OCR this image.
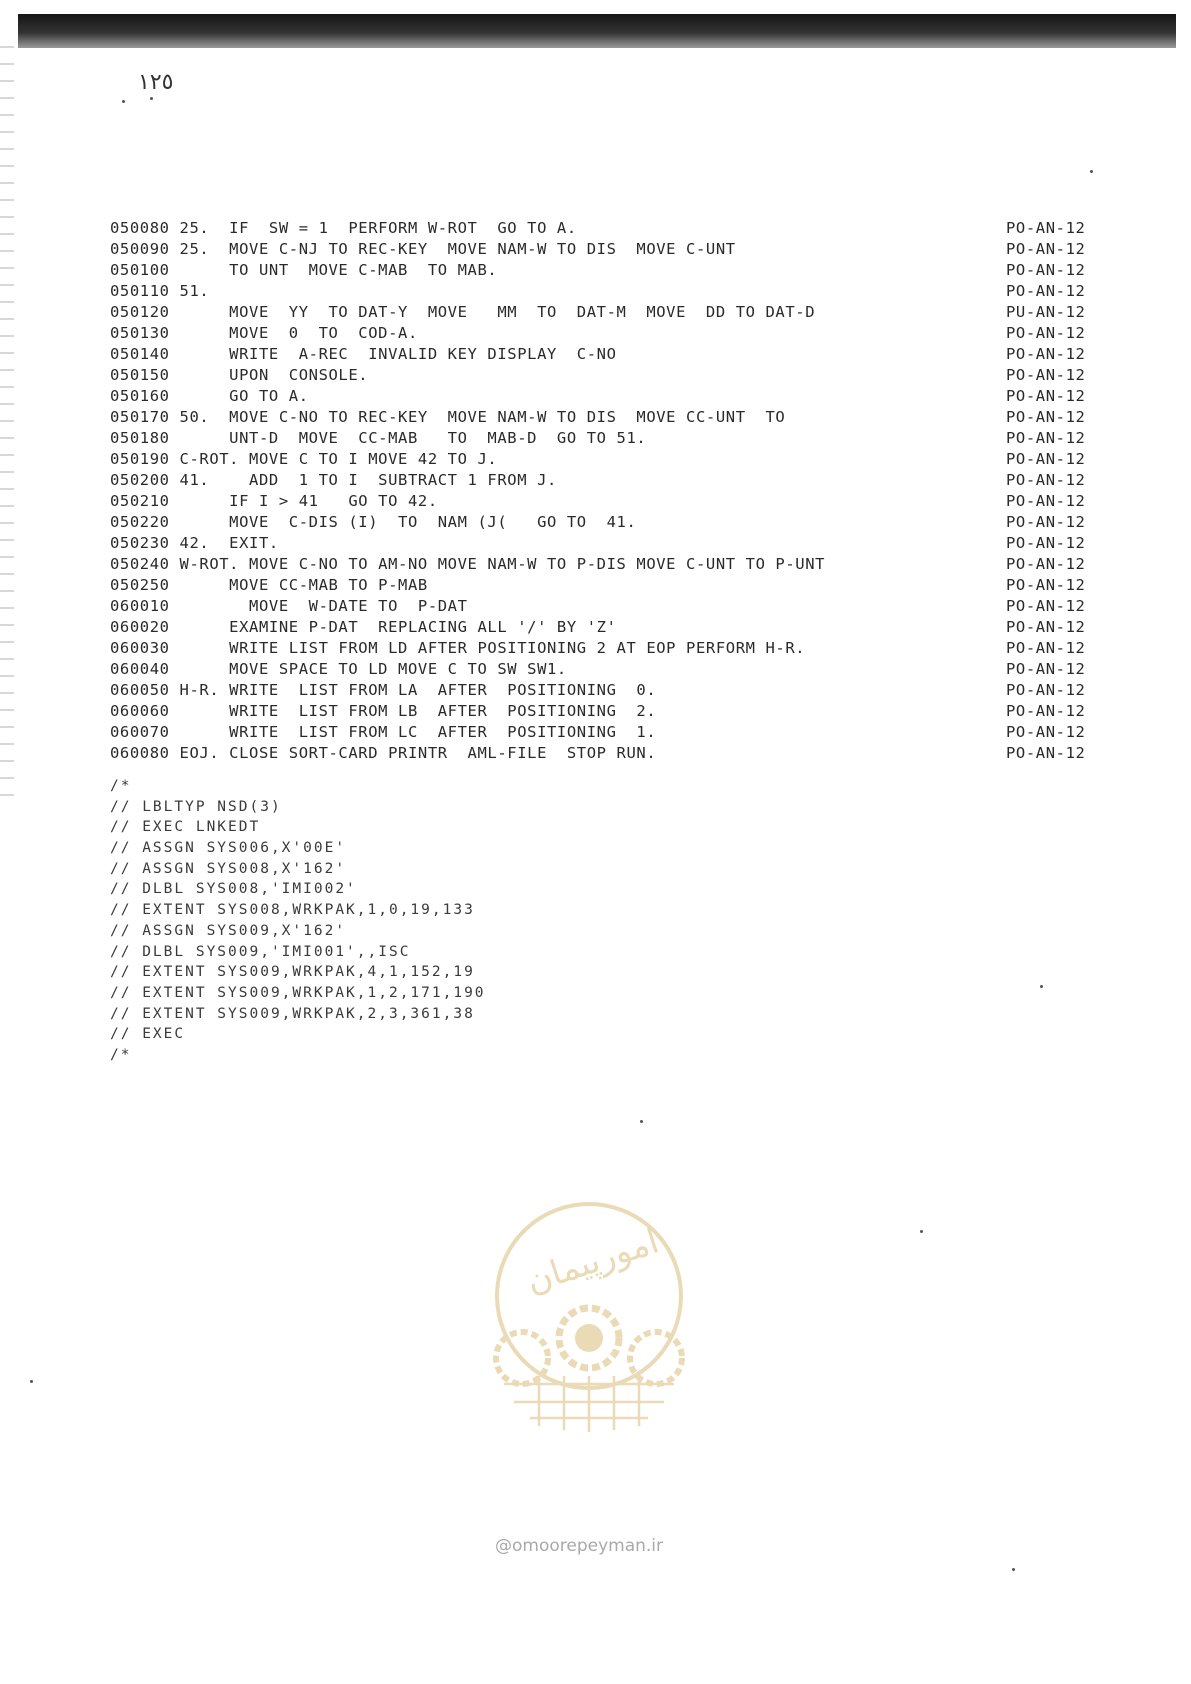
١٢٥
050080 25.  IF  SW = 1  PERFORM W-ROT  GO TO A.	PO-AN-12
050090 25.  MOVE C-NJ TO REC-KEY  MOVE NAM-W TO DIS  MOVE C-UNT	PO-AN-12
050100      TO UNT  MOVE C-MAB  TO MAB.	PO-AN-12
050110 51.	PO-AN-12
050120      MOVE  YY  TO DAT-Y  MOVE   MM  TO  DAT-M  MOVE  DD TO DAT-D	PU-AN-12
050130      MOVE  0  TO  COD-A.	PO-AN-12
050140      WRITE  A-REC  INVALID KEY DISPLAY  C-NO	PO-AN-12
050150      UPON  CONSOLE.	PO-AN-12
050160      GO TO A.	PO-AN-12
050170 50.  MOVE C-NO TO REC-KEY  MOVE NAM-W TO DIS  MOVE CC-UNT  TO	PO-AN-12
050180      UNT-D  MOVE  CC-MAB   TO  MAB-D  GO TO 51.	PO-AN-12
050190 C-ROT. MOVE C TO I MOVE 42 TO J.	PO-AN-12
050200 41.    ADD  1 TO I  SUBTRACT 1 FROM J.	PO-AN-12
050210      IF I > 41   GO TO 42.	PO-AN-12
050220      MOVE  C-DIS (I)  TO  NAM (J(   GO TO  41.	PO-AN-12
050230 42.  EXIT.	PO-AN-12
050240 W-ROT. MOVE C-NO TO AM-NO MOVE NAM-W TO P-DIS MOVE C-UNT TO P-UNT	PO-AN-12
050250      MOVE CC-MAB TO P-MAB	PO-AN-12
060010        MOVE  W-DATE TO  P-DAT	PO-AN-12
060020      EXAMINE P-DAT  REPLACING ALL '/' BY 'Z'	PO-AN-12
060030      WRITE LIST FROM LD AFTER POSITIONING 2 AT EOP PERFORM H-R.	PO-AN-12
060040      MOVE SPACE TO LD MOVE C TO SW SW1.	PO-AN-12
060050 H-R. WRITE  LIST FROM LA  AFTER  POSITIONING  0.	PO-AN-12
060060      WRITE  LIST FROM LB  AFTER  POSITIONING  2.	PO-AN-12
060070      WRITE  LIST FROM LC  AFTER  POSITIONING  1.	PO-AN-12
060080 EOJ. CLOSE SORT-CARD PRINTR  AML-FILE  STOP RUN.	PO-AN-12
/*
// LBLTYP NSD(3)
// EXEC LNKEDT
// ASSGN SYS006,X'00E'
// ASSGN SYS008,X'162'
// DLBL SYS008,'IMI002'
// EXTENT SYS008,WRKPAK,1,0,19,133
// ASSGN SYS009,X'162'
// DLBL SYS009,'IMI001',,ISC
// EXTENT SYS009,WRKPAK,4,1,152,19
// EXTENT SYS009,WRKPAK,1,2,171,190
// EXTENT SYS009,WRKPAK,2,3,361,38
// EXEC
/*
امورپیمان
@omoorepeyman.ir
